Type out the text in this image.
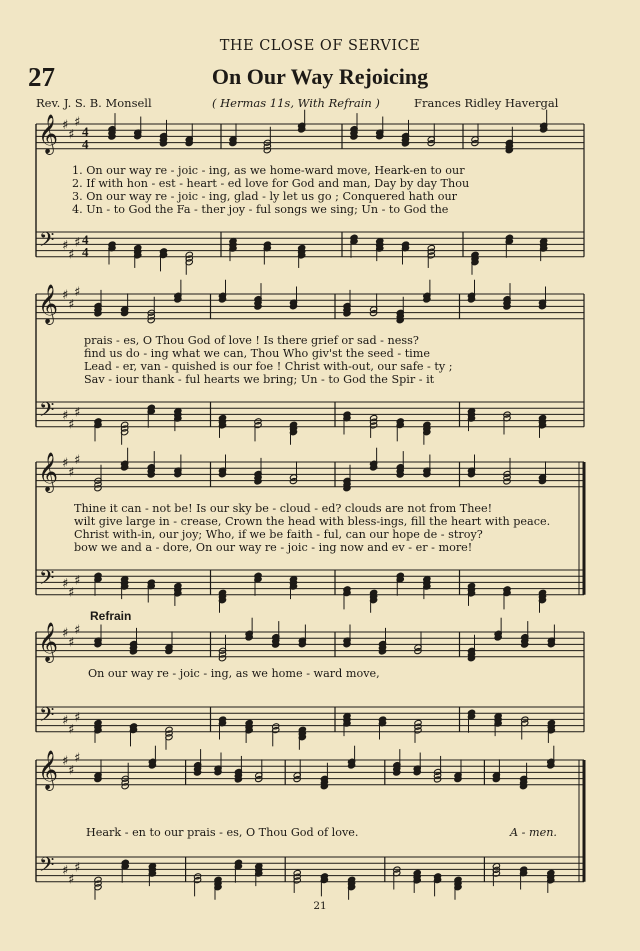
THE CLOSE OF SERVICE
27	On Our Way Rejoicing
Rev. J. S. B. Monsell	( Hermas 11s, With Refrain )	Frances Ridley Havergal
𝄞
𝄢
♯
♯
♯
♯
♯
♯
4
4
4
4
𝄞
𝄢
♯
♯
♯
♯
♯
♯
𝄞
𝄢
♯
♯
♯
♯
♯
♯
𝄞
𝄢
♯
♯
♯
♯
♯
♯
𝄞
𝄢
♯
♯
♯
♯
♯
♯
1. On our way re - joic - ing, as we home-ward move, Heark-en to our
2. If with hon - est - heart - ed love for God and man, Day by day Thou
3. On our way re - joic - ing, glad - ly let us go ; Conquered hath our
4. Un - to God the Fa - ther joy - ful songs we sing; Un - to God the
prais - es, O Thou God of love ! Is there grief or sad - ness?
find us do - ing what we can, Thou Who giv'st the seed - time
Lead - er, van - quished is our foe ! Christ with-out, our safe - ty ;
Sav - iour thank - ful hearts we bring; Un - to God the Spir - it
Thine it can - not be! Is our sky be - cloud - ed? clouds are not from Thee!
wilt give large in - crease, Crown the head with bless-ings, fill the heart with peace.
Christ with-in, our joy; Who, if we be faith - ful, can our hope de - stroy?
bow we and a - dore, On our way re - joic - ing now and ev - er - more!
Refrain
On our way re - joic - ing, as we home - ward move,
Heark - en to our prais - es, O Thou God of love.	A - men.
21
